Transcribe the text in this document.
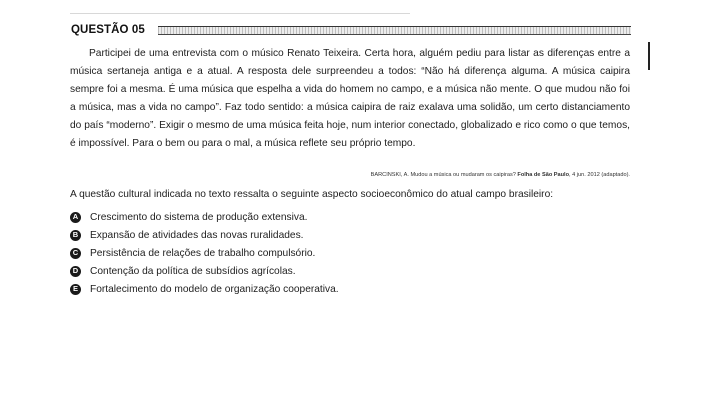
QUESTÃO 05

Participei de uma entrevista com o músico Renato Teixeira. Certa hora, alguém pediu para listar as diferenças entre a música sertaneja antiga e a atual. A resposta dele surpreendeu a todos: “Não há diferença alguma. A música caipira sempre foi a mesma. É uma música que espelha a vida do homem no campo, e a música não mente. O que mudou não foi a música, mas a vida no campo”. Faz todo sentido: a música caipira de raiz exalava uma solidão, um certo distanciamento do país “moderno”. Exigir o mesmo de uma música feita hoje, num interior conectado, globalizado e rico como o que temos, é impossível. Para o bem ou para o mal, a música reflete seu próprio tempo.

BARCINSKI, A. Mudou a música ou mudaram os caipiras? Folha de São Paulo, 4 jun. 2012 (adaptado).
A questão cultural indicada no texto ressalta o seguinte aspecto socioeconômico do atual campo brasileiro:
A Crescimento do sistema de produção extensiva.
B Expansão de atividades das novas ruralidades.
C Persistência de relações de trabalho compulsório.
D Contenção da política de subsídios agrícolas.
E Fortalecimento do modelo de organização cooperativa.
